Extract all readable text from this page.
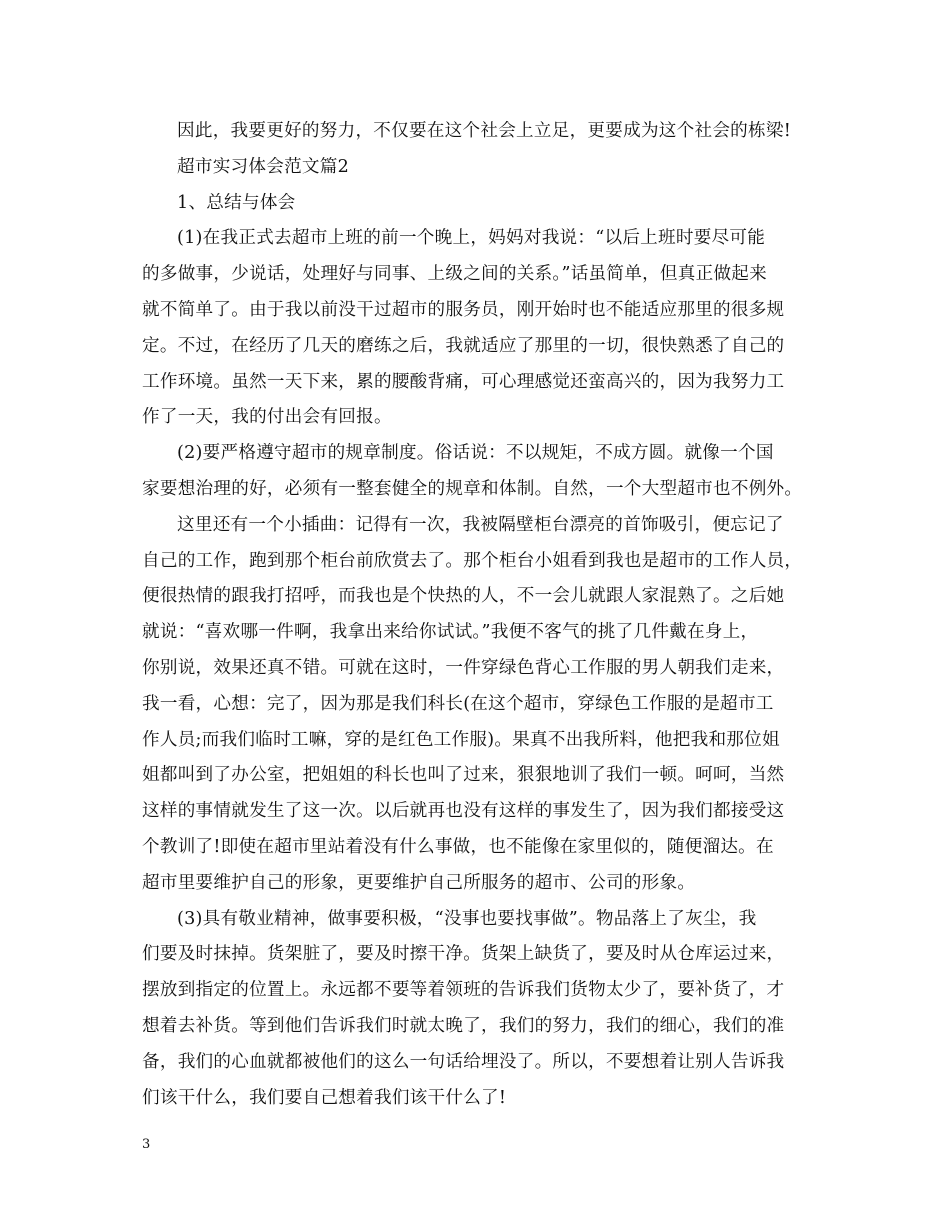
因此，我要更好的努力，不仅要在这个社会上立足，更要成为这个社会的栋梁!
超市实习体会范文篇2
1、总结与体会
(1)在我正式去超市上班的前一个晚上，妈妈对我说：“以后上班时要尽可能
的多做事，少说话，处理好与同事、上级之间的关系。”话虽简单，但真正做起来
就不简单了。由于我以前没干过超市的服务员，刚开始时也不能适应那里的很多规
定。不过，在经历了几天的磨练之后，我就适应了那里的一切，很快熟悉了自己的
工作环境。虽然一天下来，累的腰酸背痛，可心理感觉还蛮高兴的，因为我努力工
作了一天，我的付出会有回报。
(2)要严格遵守超市的规章制度。俗话说：不以规矩，不成方圆。就像一个国
家要想治理的好，必须有一整套健全的规章和体制。自然，一个大型超市也不例外。
这里还有一个小插曲：记得有一次，我被隔壁柜台漂亮的首饰吸引，便忘记了
自己的工作，跑到那个柜台前欣赏去了。那个柜台小姐看到我也是超市的工作人员，
便很热情的跟我打招呼，而我也是个快热的人，不一会儿就跟人家混熟了。之后她
就说：“喜欢哪一件啊，我拿出来给你试试。”我便不客气的挑了几件戴在身上，
你别说，效果还真不错。可就在这时，一件穿绿色背心工作服的男人朝我们走来，
我一看，心想：完了，因为那是我们科长(在这个超市，穿绿色工作服的是超市工
作人员;而我们临时工嘛，穿的是红色工作服)。果真不出我所料，他把我和那位姐
姐都叫到了办公室，把姐姐的科长也叫了过来，狠狠地训了我们一顿。呵呵，当然
这样的事情就发生了这一次。以后就再也没有这样的事发生了，因为我们都接受这
个教训了!即使在超市里站着没有什么事做，也不能像在家里似的，随便溜达。在
超市里要维护自己的形象，更要维护自己所服务的超市、公司的形象。
(3)具有敬业精神，做事要积极，“没事也要找事做”。物品落上了灰尘，我
们要及时抹掉。货架脏了，要及时擦干净。货架上缺货了，要及时从仓库运过来，
摆放到指定的位置上。永远都不要等着领班的告诉我们货物太少了，要补货了，才
想着去补货。等到他们告诉我们时就太晚了，我们的努力，我们的细心，我们的准
备，我们的心血就都被他们的这么一句话给埋没了。所以，不要想着让别人告诉我
们该干什么，我们要自己想着我们该干什么了!
3
